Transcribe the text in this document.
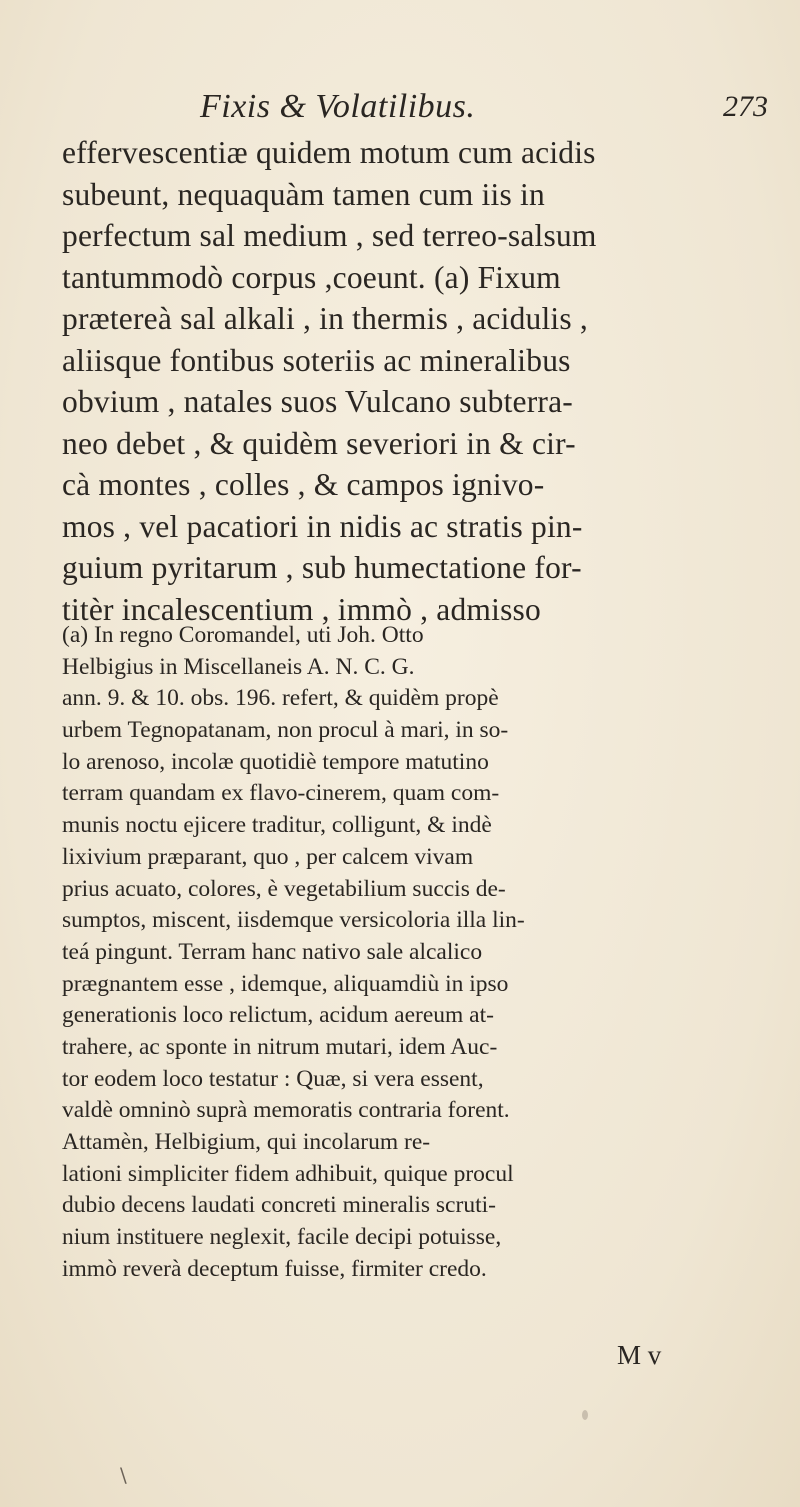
Fixis & Volatilibus.	273
effervescentiæ quidem motum cum acidis
subeunt, nequaquàm tamen cum iis in
perfectum sal medium , sed terreo-salsum
tantummodò corpus ,coeunt. (a) Fixum
prætereà sal alkali , in thermis , acidulis ,
aliisque fontibus soteriis ac mineralibus
obvium , natales suos Vulcano subterra-
neo debet , & quidèm severiori in & cir-
cà montes , colles , & campos ignivo-
mos , vel pacatiori in nidis ac stratis pin-
guium pyritarum , sub humectatione for-
titèr incalescentium , immò , admisso
(a) In regno Coromandel, uti Joh. Otto
Helbigius in Miscellaneis A. N. C. G.
ann. 9. & 10. obs. 196. refert, & quidèm propè
urbem Tegnopatanam, non procul à mari, in so-
lo arenoso, incolæ quotidiè tempore matutino
terram quandam ex flavo-cinerem, quam com-
munis noctu ejicere traditur, colligunt, & indè
lixivium præparant, quo , per calcem vivam
prius acuato, colores, è vegetabilium succis de-
sumptos, miscent, iisdemque versicoloria illa lin-
teá pingunt. Terram hanc nativo sale alcalico
prægnantem esse , idemque, aliquamdiù in ipso
generationis loco relictum, acidum aereum at-
trahere, ac sponte in nitrum mutari, idem Auc-
tor eodem loco testatur : Quæ, si vera essent,
valdè omninò suprà memoratis contraria forent.
Attamèn, Helbigium, qui incolarum re-
lationi simpliciter fidem adhibuit, quique procul
dubio decens laudati concreti mineralis scruti-
nium instituere neglexit, facile decipi potuisse,
immò reverà deceptum fuisse, firmiter credo.
M v
\
